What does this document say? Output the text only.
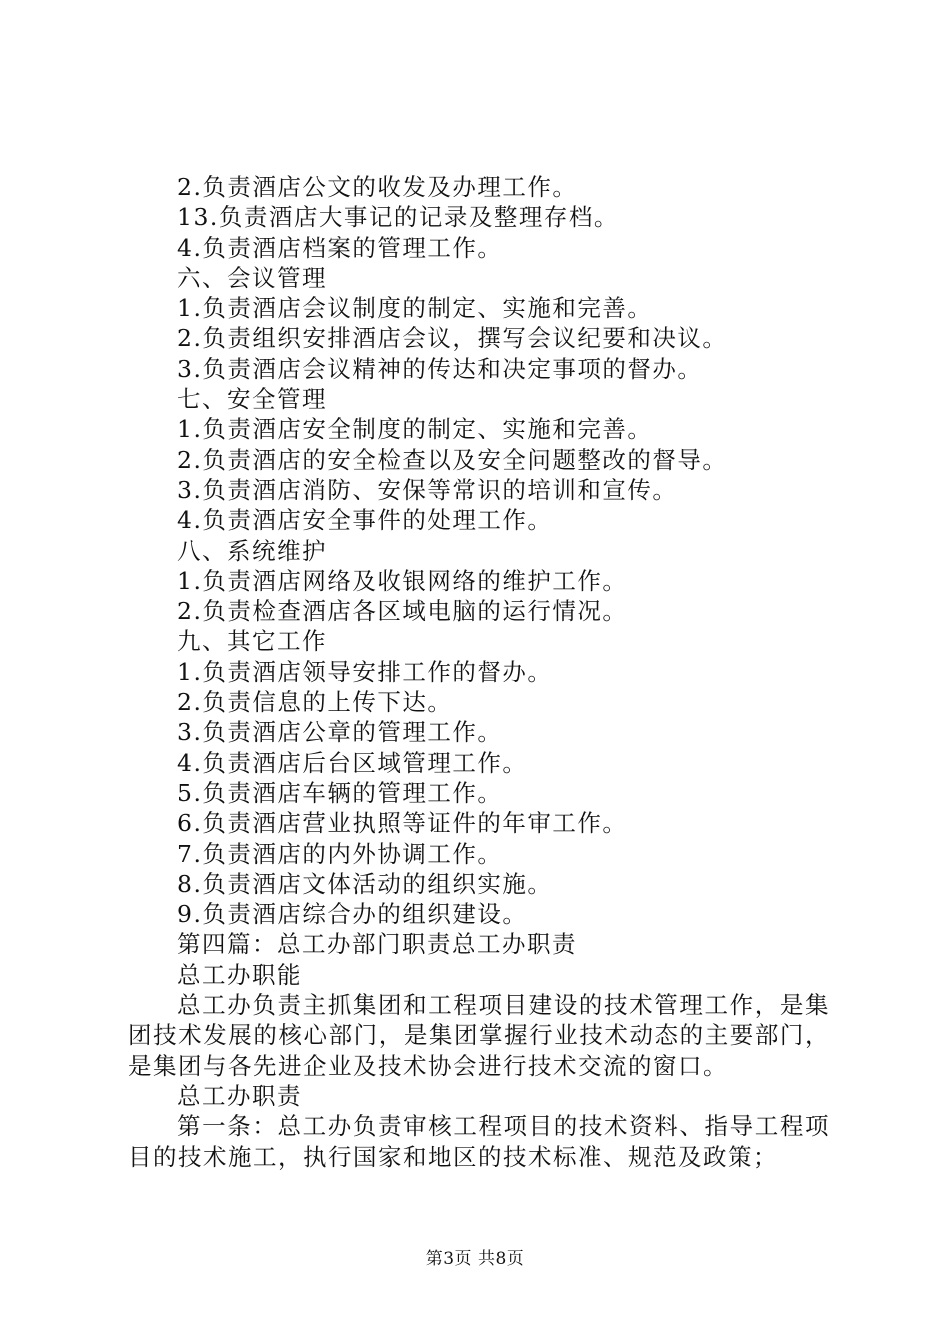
2.负责酒店公文的收发及办理工作。
13.负责酒店大事记的记录及整理存档。
4.负责酒店档案的管理工作。
六、会议管理
1.负责酒店会议制度的制定、实施和完善。
2.负责组织安排酒店会议，撰写会议纪要和决议。
3.负责酒店会议精神的传达和决定事项的督办。
七、安全管理
1.负责酒店安全制度的制定、实施和完善。
2.负责酒店的安全检查以及安全问题整改的督导。
3.负责酒店消防、安保等常识的培训和宣传。
4.负责酒店安全事件的处理工作。
八、系统维护
1.负责酒店网络及收银网络的维护工作。
2.负责检查酒店各区域电脑的运行情况。
九、其它工作
1.负责酒店领导安排工作的督办。
2.负责信息的上传下达。
3.负责酒店公章的管理工作。
4.负责酒店后台区域管理工作。
5.负责酒店车辆的管理工作。
6.负责酒店营业执照等证件的年审工作。
7.负责酒店的内外协调工作。
8.负责酒店文体活动的组织实施。
9.负责酒店综合办的组织建设。
第四篇：总工办部门职责总工办职责
总工办职能

总工办负责主抓集团和工程项目建设的技术管理工作，是集团技术发展的核心部门，是集团掌握行业技术动态的主要部门，是集团与各先进企业及技术协会进行技术交流的窗口。

总工办职责

第一条：总工办负责审核工程项目的技术资料、指导工程项目的技术施工，执行国家和地区的技术标准、规范及政策；

第3页 共8页
